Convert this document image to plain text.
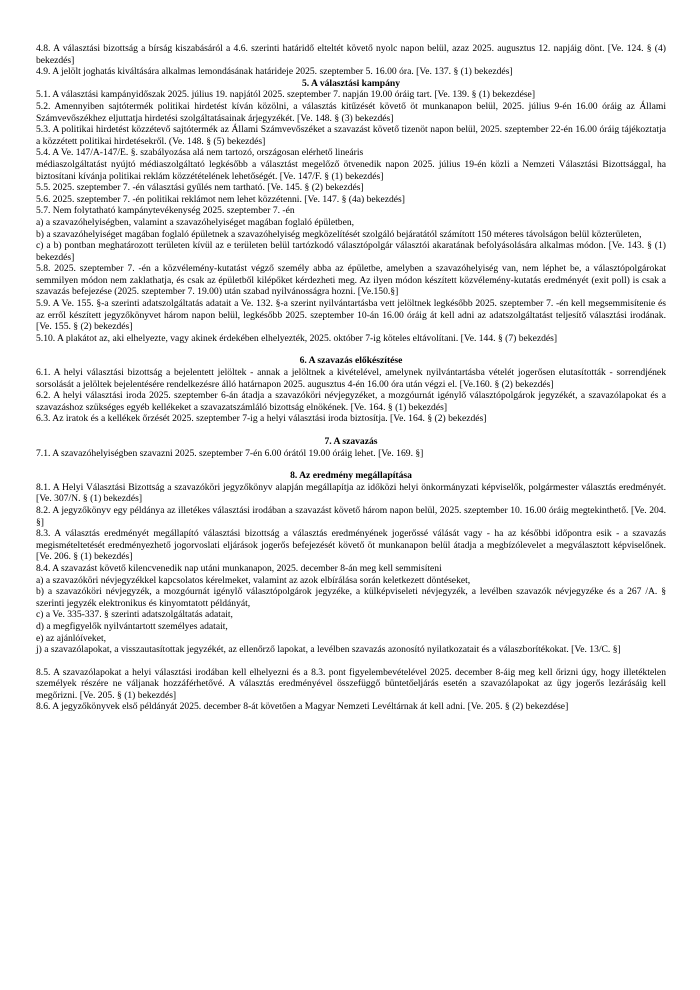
4.8. A választási bizottság a bírság kiszabásáról a 4.6. szerinti határidő elteltét követő nyolc napon belül, azaz 2025. augusztus 12. napjáig dönt. [Ve. 124. § (4) bekezdés]

4.9. A jelölt joghatás kiváltására alkalmas lemondásának határideje 2025. szeptember 5. 16.00 óra. [Ve. 137. § (1) bekezdés]

5. A választási kampány

5.1. A választási kampányidőszak 2025. július 19. napjától 2025. szeptember 7. napján 19.00 óráig tart. [Ve. 139. § (1) bekezdése]

5.2. Amennyiben sajtótermék politikai hirdetést kíván közölni, a választás kitűzését követő öt munkanapon belül, 2025. július 9-én 16.00 óráig az Állami Számvevőszékhez eljuttatja hirdetési szolgáltatásainak árjegyzékét. [Ve. 148. § (3) bekezdés]

5.3. A politikai hirdetést közzétevő sajtótermék az Állami Számvevőszéket a szavazást követő tizenöt napon belül, 2025. szeptember 22-én 16.00 óráig tájékoztatja a közzétett politikai hirdetésekről. (Ve. 148. § (5) bekezdés]

5.4. A Ve. 147/A-147/E. §. szabályozása alá nem tartozó, országosan elérhető lineáris

médiaszolgáltatást nyújtó médiaszolgáltató legkésőbb a választást megelőző ötvenedik napon 2025. július 19-én közli a Nemzeti Választási Bizottsággal, ha biztosítani kívánja politikai reklám közzétételének lehetőségét. [Ve. 147/F. § (1) bekezdés]

5.5. 2025. szeptember 7. -én választási gyűlés nem tartható. [Ve. 145. § (2) bekezdés]

5.6. 2025. szeptember 7. -én politikai reklámot nem lehet közzétenni. [Ve. 147. § (4a) bekezdés]

5.7. Nem folytatható kampánytevékenység 2025. szeptember 7. -én

a) a szavazóhelyiségben, valamint a szavazóhelyiséget magában foglaló épületben,

b) a szavazóhelyiséget magában foglaló épületnek a szavazóhelyiség megközelítését szolgáló bejáratától számított 150 méteres távolságon belül közterületen,

c) a b) pontban meghatározott területen kívül az e területen belül tartózkodó választópolgár választói akaratának befolyásolására alkalmas módon. [Ve. 143. § (1) bekezdés]

5.8. 2025. szeptember 7. -én a közvélemény-kutatást végző személy abba az épületbe, amelyben a szavazóhelyiség van, nem léphet be, a választópolgárokat semmilyen módon nem zaklathatja, és csak az épületből kilépőket kérdezheti meg. Az ilyen módon készített közvélemény-kutatás eredményét (exit poll) is csak a szavazás befejezése (2025. szeptember 7. 19.00) után szabad nyilvánosságra hozni. [Ve.150.§]

5.9. A Ve. 155. §-a szerinti adatszolgáltatás adatait a Ve. 132. §-a szerint nyilvántartásba vett jelöltnek legkésőbb 2025. szeptember 7. -én kell megsemmisítenie és az erről készített jegyzőkönyvet három napon belül, legkésőbb 2025. szeptember 10-án 16.00 óráig át kell adni az adatszolgáltatást teljesítő választási irodának. [Ve. 155. § (2) bekezdés]

5.10. A plakátot az, aki elhelyezte, vagy akinek érdekében elhelyezték, 2025. október 7-ig köteles eltávolítani. [Ve. 144. § (7) bekezdés]

6. A szavazás előkészítése

6.1. A helyi választási bizottság a bejelentett jelöltek - annak a jelöltnek a kivételével, amelynek nyilvántartásba vételét jogerősen elutasították - sorrendjének sorsolását a jelöltek bejelentésére rendelkezésre álló határnapon 2025. augusztus 4-én 16.00 óra után végzi el. [Ve.160. § (2) bekezdés]

6.2. A helyi választási iroda 2025. szeptember 6-án átadja a szavazóköri névjegyzéket, a mozgóurnát igénylő választópolgárok jegyzékét, a szavazólapokat és a szavazáshoz szükséges egyéb kellékeket a szavazatszámláló bizottság elnökének. [Ve. 164. § (1) bekezdés]

6.3. Az iratok és a kellékek őrzését 2025. szeptember 7-ig a helyi választási iroda biztosítja. [Ve. 164. § (2) bekezdés]

7. A szavazás

7.1. A szavazóhelyiségben szavazni 2025. szeptember 7-én 6.00 órától 19.00 óráig lehet. [Ve. 169. §]

8. Az eredmény megállapítása

8.1. A Helyi Választási Bizottság a szavazóköri jegyzőkönyv alapján megállapítja az időközi helyi önkormányzati képviselők, polgármester választás eredményét. [Ve. 307/N. § (1) bekezdés]

8.2. A jegyzőkönyv egy példánya az illetékes választási irodában a szavazást követő három napon belül, 2025. szeptember 10. 16.00 óráig megtekinthető. [Ve. 204. §]

8.3. A választás eredményét megállapító választási bizottság a választás eredményének jogerőssé válását vagy - ha az későbbi időpontra esik - a szavazás megismételtetését eredményezhető jogorvoslati eljárások jogerős befejezését követő öt munkanapon belül átadja a megbízólevelet a megválasztott képviselőnek. [Ve. 206. § (1) bekezdés]

8.4. A szavazást követő kilencvenedik nap utáni munkanapon, 2025. december 8-án meg kell semmisíteni

a) a szavazóköri névjegyzékkel kapcsolatos kérelmeket, valamint az azok elbírálása során keletkezett döntéseket,

b) a szavazóköri névjegyzék, a mozgóurnát igénylő választópolgárok jegyzéke, a külképviseleti névjegyzék, a levélben szavazók névjegyzéke és a 267 /A. § szerinti jegyzék elektronikus és kinyomtatott példányát,

c) a Ve. 335-337. § szerinti adatszolgáltatás adatait,

d) a megfigyelők nyilvántartott személyes adatait,

e) az ajánlóíveket,

j) a szavazólapokat, a visszautasítottak jegyzékét, az ellenőrző lapokat, a levélben szavazás azonosító nyilatkozatait és a válaszborítékokat. [Ve. 13/C. §]

8.5. A szavazólapokat a helyi választási irodában kell elhelyezni és a 8.3. pont figyelembevételével 2025. december 8-áig meg kell őrizni úgy, hogy illetéktelen személyek részére ne váljanak hozzáférhetővé. A választás eredményével összefüggő büntetőeljárás esetén a szavazólapokat az ügy jogerős lezárásáig kell megőrizni. [Ve. 205. § (1) bekezdés]

8.6. A jegyzőkönyvek első példányát 2025. december 8-át követően a Magyar Nemzeti Levéltárnak át kell adni. [Ve. 205. § (2) bekezdése]
